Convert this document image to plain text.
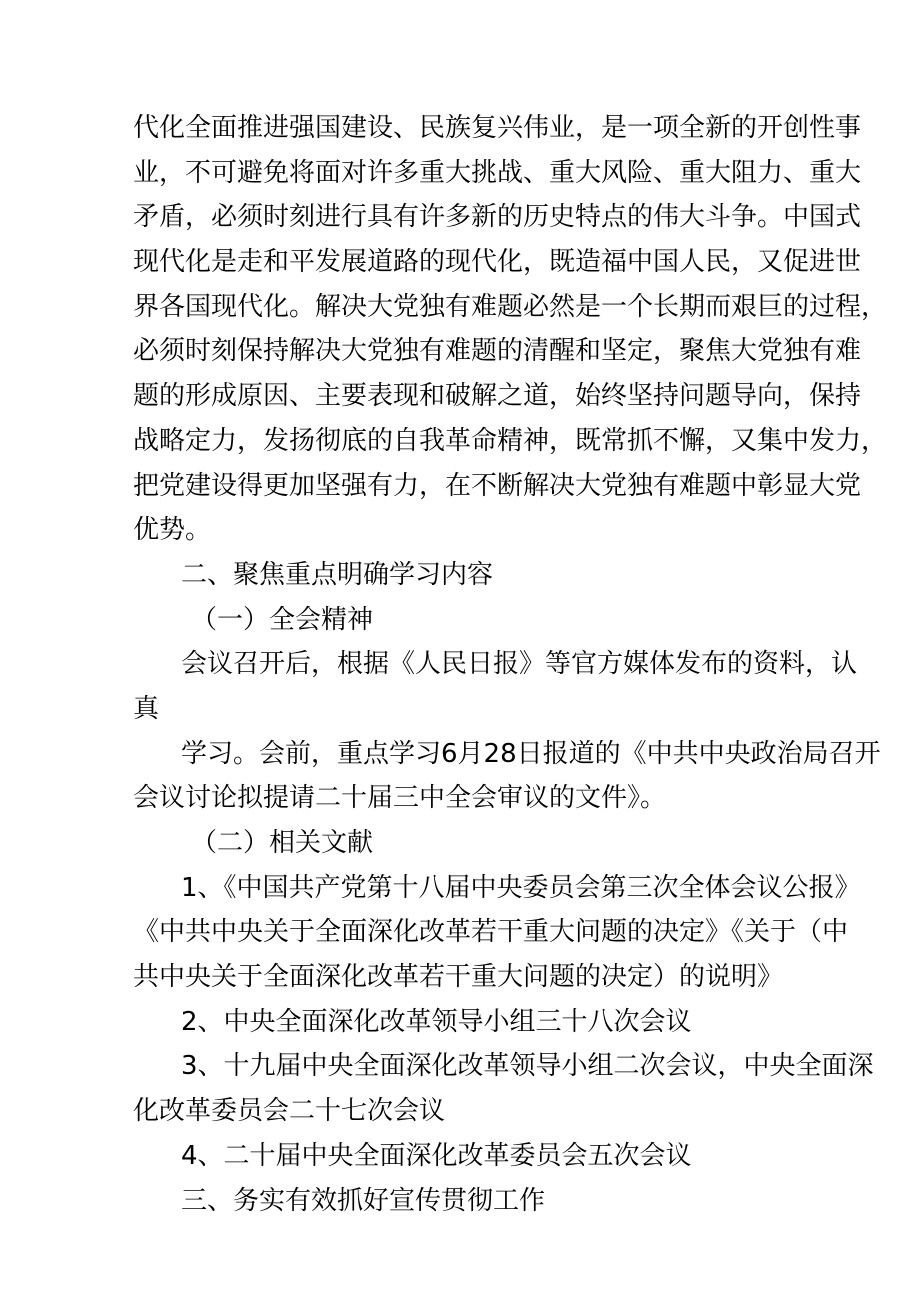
代化全面推进强国建设、民族复兴伟业，是一项全新的开创性事
业，不可避免将面对许多重大挑战、重大风险、重大阻力、重大
矛盾，必须时刻进行具有许多新的历史特点的伟大斗争。中国式
现代化是走和平发展道路的现代化，既造福中国人民，又促进世
界各国现代化。解决大党独有难题必然是一个长期而艰巨的过程，
必须时刻保持解决大党独有难题的清醒和坚定，聚焦大党独有难
题的形成原因、主要表现和破解之道，始终坚持问题导向，保持
战略定力，发扬彻底的自我革命精神，既常抓不懈，又集中发力，
把党建设得更加坚强有力，在不断解决大党独有难题中彰显大党
优势。
二、聚焦重点明确学习内容
（一）全会精神
会议召开后，根据《人民日报》等官方媒体发布的资料，认
真
学习。会前，重点学习6月28日报道的《中共中央政治局召开
会议讨论拟提请二十届三中全会审议的文件》。
（二）相关文献
1、《中国共产党第十八届中央委员会第三次全体会议公报》
《中共中央关于全面深化改革若干重大问题的决定》《关于（中
共中央关于全面深化改革若干重大问题的决定）的说明》
2、中央全面深化改革领导小组三十八次会议
3、十九届中央全面深化改革领导小组二次会议，中央全面深
化改革委员会二十七次会议
4、二十届中央全面深化改革委员会五次会议
三、务实有效抓好宣传贯彻工作
